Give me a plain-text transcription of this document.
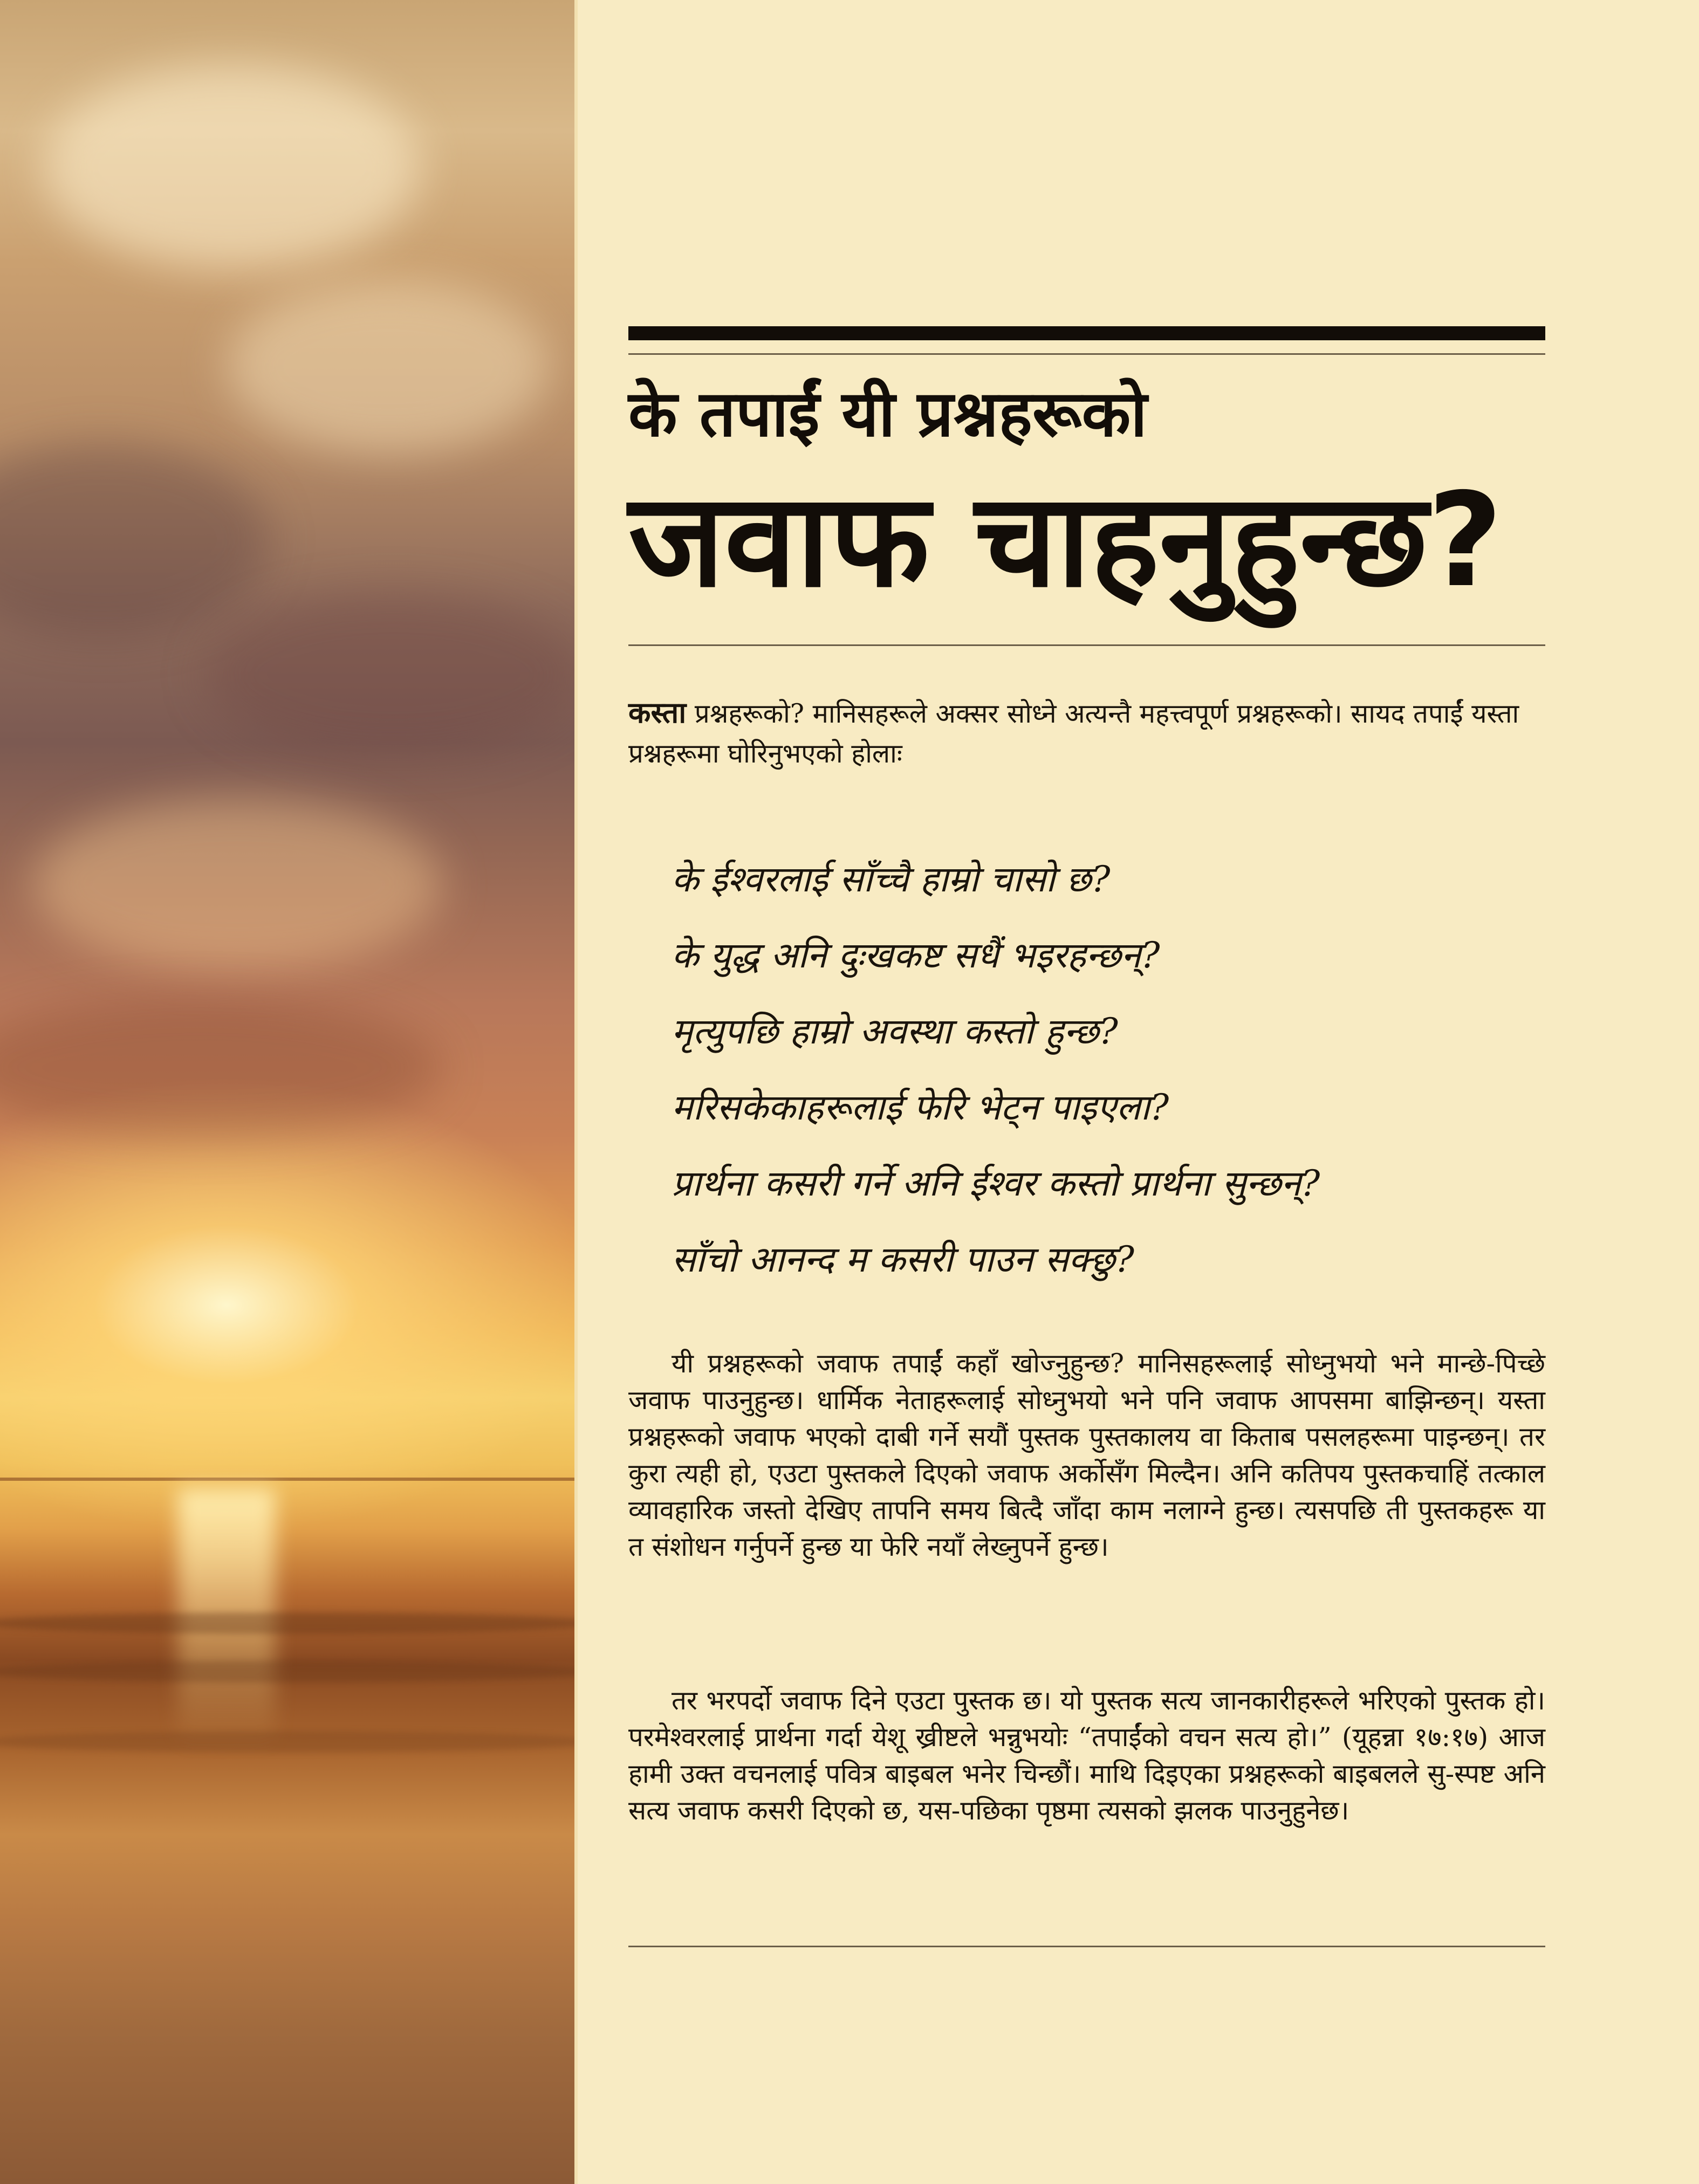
के तपाईं यी प्रश्नहरूको
जवाफ चाहनुहुन्छ?

कस्ता प्रश्नहरूको? मानिसहरूले अक्सर सोध्ने अत्यन्तै महत्त्वपूर्ण प्रश्नहरूको। सायद तपाईं यस्ता प्रश्नहरूमा घोरिनुभएको होलाः

के ईश्वरलाई साँच्चै हाम्रो चासो छ?
के युद्ध अनि दुःखकष्ट सधैं भइरहन्छन्?
मृत्युपछि हाम्रो अवस्था कस्तो हुन्छ?
मरिसकेकाहरूलाई फेरि भेट्न पाइएला?
प्रार्थना कसरी गर्ने अनि ईश्वर कस्तो प्रार्थना सुन्छन्?
साँचो आनन्द म कसरी पाउन सक्छु?

यी प्रश्नहरूको जवाफ तपाईं कहाँ खोज्नुहुन्छ? मानिसहरूलाई सोध्नुभयो भने मान्छे-पिच्छे जवाफ पाउनुहुन्छ। धार्मिक नेताहरूलाई सोध्नुभयो भने पनि जवाफ आपसमा बाझिन्छन्। यस्ता प्रश्नहरूको जवाफ भएको दाबी गर्ने सयौं पुस्तक पुस्तकालय वा किताब पसलहरूमा पाइन्छन्। तर कुरा त्यही हो, एउटा पुस्तकले दिएको जवाफ अर्कोसँग मिल्दैन। अनि कतिपय पुस्तकचाहिं तत्काल व्यावहारिक जस्तो देखिए तापनि समय बित्दै जाँदा काम नलाग्ने हुन्छ। त्यसपछि ती पुस्तकहरू या त संशोधन गर्नुपर्ने हुन्छ या फेरि नयाँ लेख्नुपर्ने हुन्छ।

तर भरपर्दो जवाफ दिने एउटा पुस्तक छ। यो पुस्तक सत्य जानकारीहरूले भरिएको पुस्तक हो। परमेश्वरलाई प्रार्थना गर्दा येशू ख्रीष्टले भन्नुभयोः “तपाईंको वचन सत्य हो।” (यूहन्ना १७:१७) आज हामी उक्त वचनलाई पवित्र बाइबल भनेर चिन्छौं। माथि दिइएका प्रश्नहरूको बाइबलले सु-स्पष्ट अनि सत्य जवाफ कसरी दिएको छ, यस-पछिका पृष्ठमा त्यसको झलक पाउनुहुनेछ।
